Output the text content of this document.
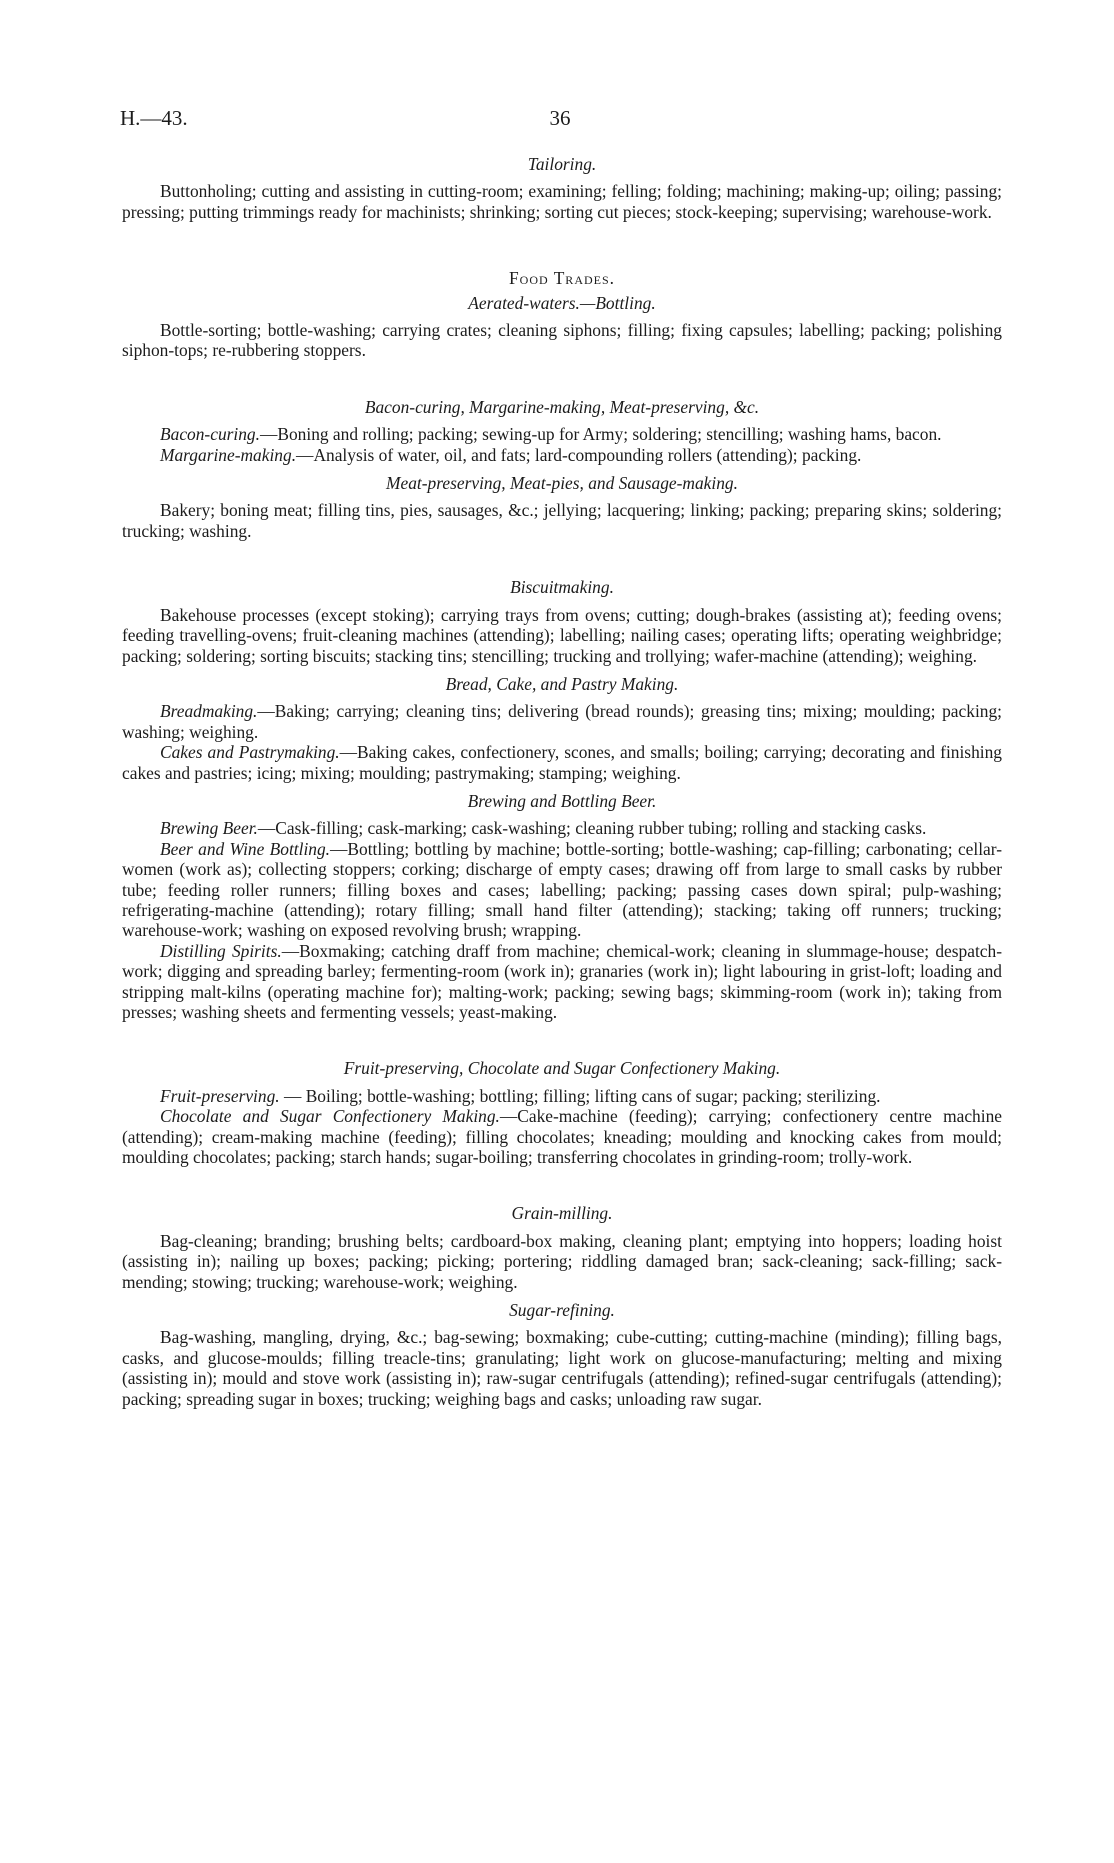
H.—43.	36
Tailoring.

Buttonholing; cutting and assisting in cutting-room; examining; felling; folding; machining; making-up; oiling; passing; pressing; putting trimmings ready for machinists; shrinking; sorting cut pieces; stock-keeping; supervising; warehouse-work.

Food Trades.
Aerated-waters.—Bottling.

Bottle-sorting; bottle-washing; carrying crates; cleaning siphons; filling; fixing capsules; labelling; packing; polishing siphon-tops; re-rubbering stoppers.

Bacon-curing, Margarine-making, Meat-preserving, &c.

Bacon-curing.—Boning and rolling; packing; sewing-up for Army; soldering; stencilling; washing hams, bacon.

Margarine-making.—Analysis of water, oil, and fats; lard-compounding rollers (attending); packing.

Meat-preserving, Meat-pies, and Sausage-making.

Bakery; boning meat; filling tins, pies, sausages, &c.; jellying; lacquering; linking; packing; preparing skins; soldering; trucking; washing.

Biscuitmaking.

Bakehouse processes (except stoking); carrying trays from ovens; cutting; dough-brakes (assisting at); feeding ovens; feeding travelling-ovens; fruit-cleaning machines (attending); labelling; nailing cases; operating lifts; operating weighbridge; packing; soldering; sorting biscuits; stacking tins; stencilling; trucking and trollying; wafer-machine (attending); weighing.

Bread, Cake, and Pastry Making.

Breadmaking.—Baking; carrying; cleaning tins; delivering (bread rounds); greasing tins; mixing; moulding; packing; washing; weighing.

Cakes and Pastrymaking.—Baking cakes, confectionery, scones, and smalls; boiling; carrying; decorating and finishing cakes and pastries; icing; mixing; moulding; pastrymaking; stamping; weighing.

Brewing and Bottling Beer.

Brewing Beer.—Cask-filling; cask-marking; cask-washing; cleaning rubber tubing; rolling and stacking casks.

Beer and Wine Bottling.—Bottling; bottling by machine; bottle-sorting; bottle-washing; cap-filling; carbonating; cellar-women (work as); collecting stoppers; corking; discharge of empty cases; drawing off from large to small casks by rubber tube; feeding roller runners; filling boxes and cases; labelling; packing; passing cases down spiral; pulp-washing; refrigerating-machine (attending); rotary filling; small hand filter (attending); stacking; taking off runners; trucking; warehouse-work; washing on exposed revolving brush; wrapping.

Distilling Spirits.—Boxmaking; catching draff from machine; chemical-work; cleaning in slummage-house; despatch-work; digging and spreading barley; fermenting-room (work in); granaries (work in); light labouring in grist-loft; loading and stripping malt-kilns (operating machine for); malting-work; packing; sewing bags; skimming-room (work in); taking from presses; washing sheets and fermenting vessels; yeast-making.

Fruit-preserving, Chocolate and Sugar Confectionery Making.

Fruit-preserving. — Boiling; bottle-washing; bottling; filling; lifting cans of sugar; packing; sterilizing.

Chocolate and Sugar Confectionery Making.—Cake-machine (feeding); carrying; confectionery centre machine (attending); cream-making machine (feeding); filling chocolates; kneading; moulding and knocking cakes from mould; moulding chocolates; packing; starch hands; sugar-boiling; transferring chocolates in grinding-room; trolly-work.

Grain-milling.

Bag-cleaning; branding; brushing belts; cardboard-box making, cleaning plant; emptying into hoppers; loading hoist (assisting in); nailing up boxes; packing; picking; portering; riddling damaged bran; sack-cleaning; sack-filling; sack-mending; stowing; trucking; warehouse-work; weighing.

Sugar-refining.

Bag-washing, mangling, drying, &c.; bag-sewing; boxmaking; cube-cutting; cutting-machine (minding); filling bags, casks, and glucose-moulds; filling treacle-tins; granulating; light work on glucose-manufacturing; melting and mixing (assisting in); mould and stove work (assisting in); raw-sugar centrifugals (attending); refined-sugar centrifugals (attending); packing; spreading sugar in boxes; trucking; weighing bags and casks; unloading raw sugar.
